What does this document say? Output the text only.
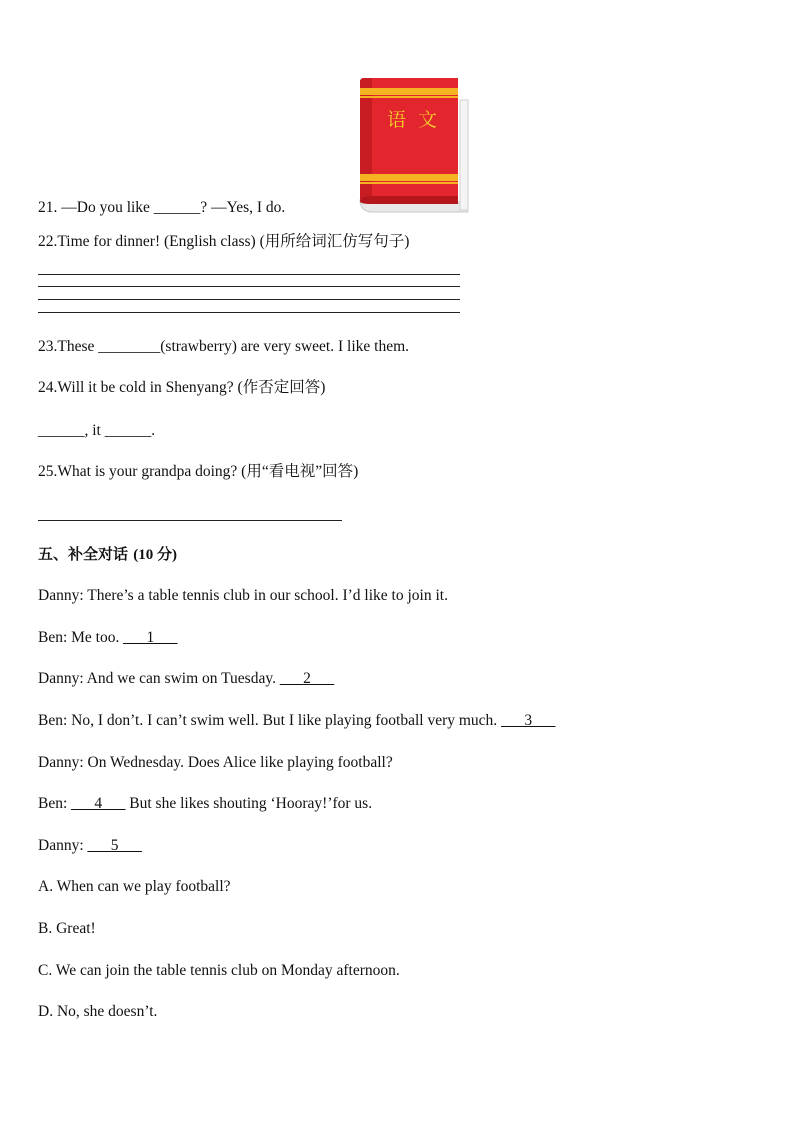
语  文
21. —Do you like ______? —Yes, I do.
22.Time for dinner! (English class) (用所给词汇仿写句子)
23.These ________(strawberry) are very sweet. I like them.
24.Will it be cold in Shenyang? (作否定回答)
______, it ______.
25.What is your grandpa doing? (用“看电视”回答)
五、补全对话 (10 分)
Danny: There’s a table tennis club in our school. I’d like to join it.
Ben: Me too. ___1___
Danny: And we can swim on Tuesday. ___2___
Ben: No, I don’t. I can’t swim well. But I like playing football very much. ___3___
Danny: On Wednesday. Does Alice like playing football?
Ben: ___4___ But she likes shouting ‘Hooray!’for us.
Danny: ___5___
A. When can we play football?
B. Great!
C. We can join the table tennis club on Monday afternoon.
D. No, she doesn’t.
